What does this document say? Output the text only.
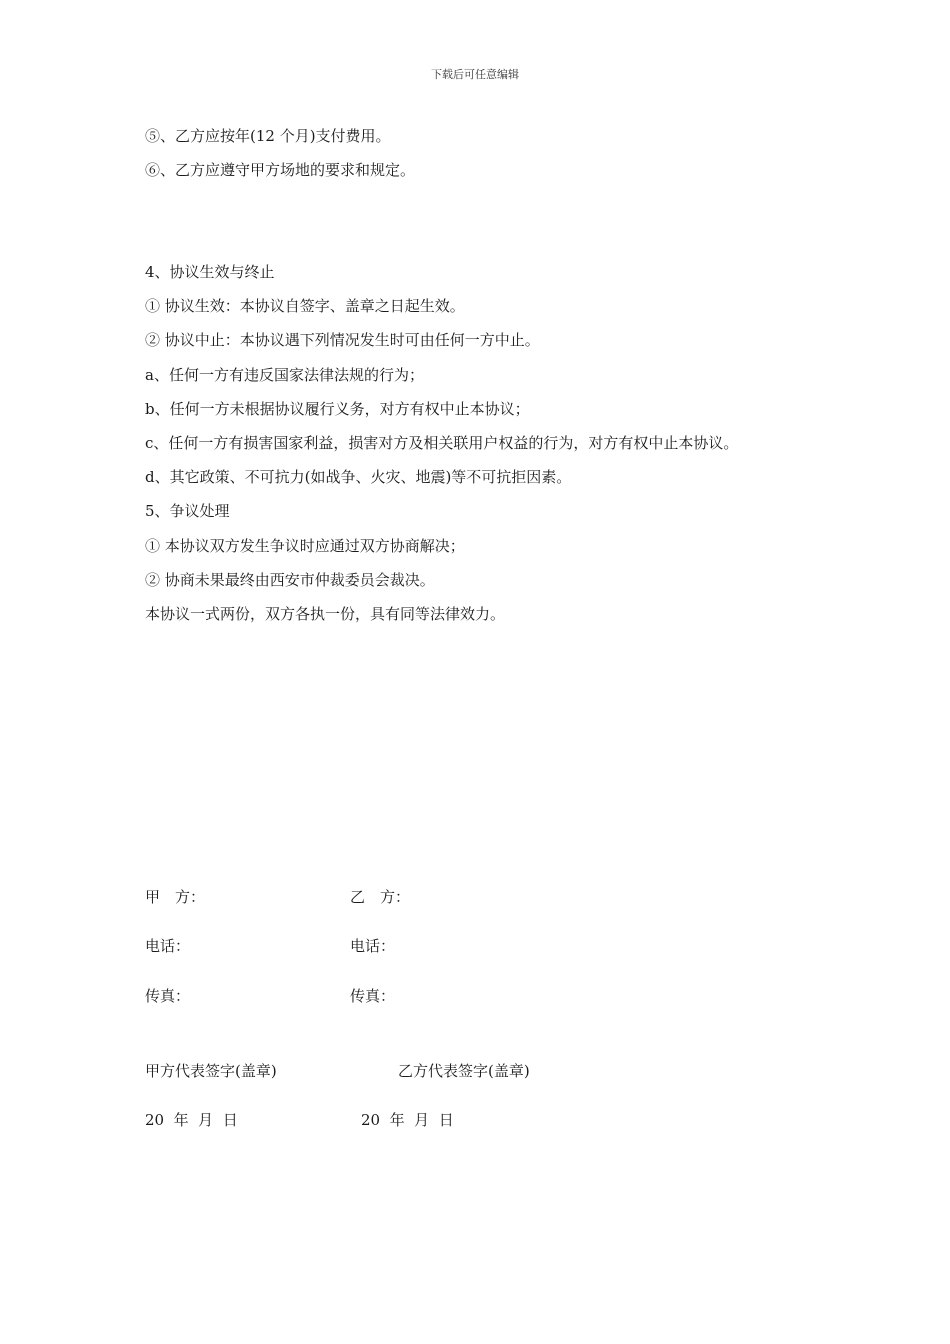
下载后可任意编辑
⑤、乙方应按年(12 个月)支付费用。
⑥、乙方应遵守甲方场地的要求和规定。
4、协议生效与终止
① 协议生效：本协议自签字、盖章之日起生效。
② 协议中止：本协议遇下列情况发生时可由任何一方中止。
a、任何一方有违反国家法律法规的行为；
b、任何一方未根据协议履行义务，对方有权中止本协议；
c、任何一方有损害国家利益，损害对方及相关联用户权益的行为，对方有权中止本协议。
d、其它政策、不可抗力(如战争、火灾、地震)等不可抗拒因素。
5、争议处理
① 本协议双方发生争议时应通过双方协商解决；
② 协商未果最终由西安市仲裁委员会裁决。
本协议一式两份，双方各执一份，具有同等法律效力。
甲　方：	乙　方：
电话：	电话：
传真：	传真：
甲方代表签字(盖章)	乙方代表签字(盖章)
20  年  月  日	20  年  月  日
